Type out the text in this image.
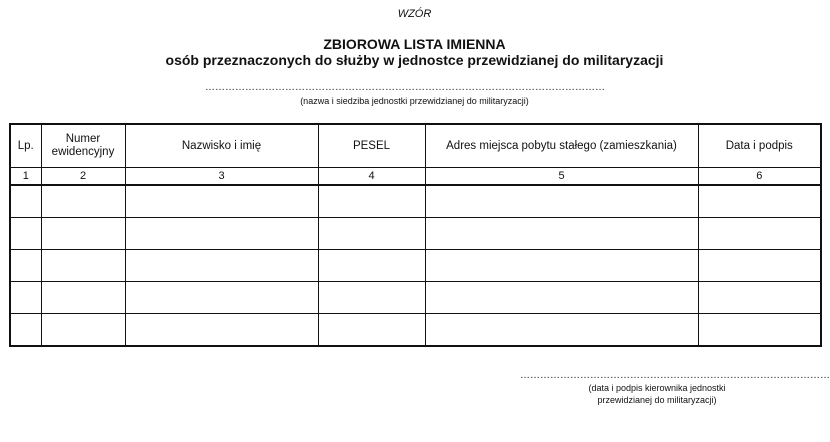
WZÓR
ZBIOROWA LISTA IMIENNA
osób przeznaczonych do służby w jednostce przewidzianej do militaryzacji
…………………………………………………………………………………………………………
(nazwa i siedziba jednostki przewidzianej do militaryzacji)
Lp.	Numer ewidencyjny	Nazwisko i imię	PESEL	Adres miejsca pobytu stałego (zamieszkania)	Data i podpis
1	2	3	4	5	6

…………………………………………………………………………………
(data i podpis kierownika jednostki
przewidzianej do militaryzacji)
